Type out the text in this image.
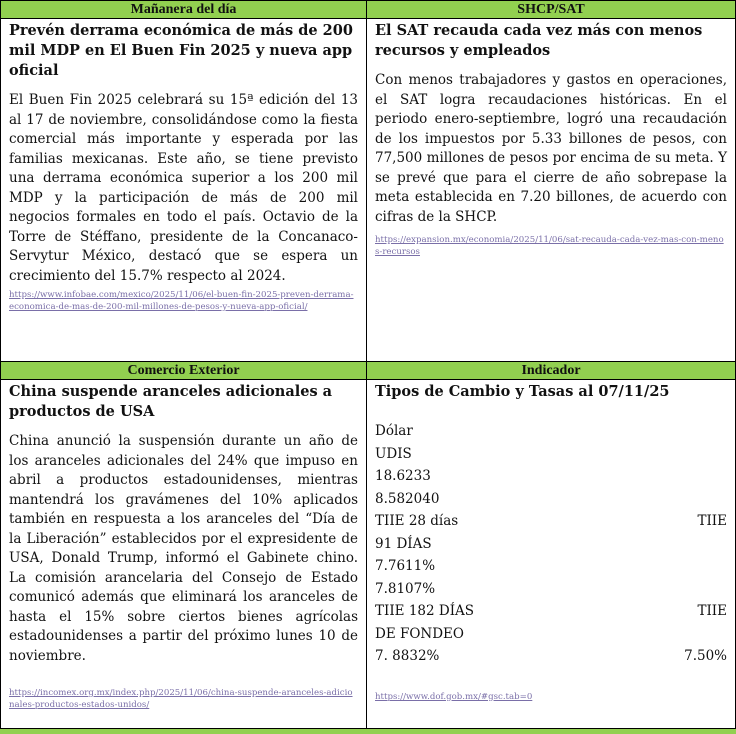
Mañanera del día	SHCP/SAT
Prevén derrama económica de más de 200 mil MDP en El Buen Fin 2025 y nueva app oficial
El Buen Fin 2025 celebrará su 15ª edición del 13 al 17 de noviembre, consolidándose como la fiesta comercial más importante y esperada por las familias mexicanas. Este año, se tiene previsto una derrama económica superior a los 200 mil MDP y la participación de más de 200 mil negocios formales en todo el país. Octavio de la Torre de Stéffano, presidente de la Concanaco-Servytur México, destacó que se espera un crecimiento del 15.7% respecto al 2024.
https://www.infobae.com/mexico/2025/11/06/el-buen-fin-2025-preven-derrama-economica-de-mas-de-200-mil-millones-de-pesos-y-nueva-app-oficial/
El SAT recauda cada vez más con menos recursos y empleados
Con menos trabajadores y gastos en operaciones, el SAT logra recaudaciones históricas. En el periodo enero-septiembre, logró una recaudación de los impuestos por 5.33 billones de pesos, con 77,500 millones de pesos por encima de su meta. Y se prevé que para el cierre de año sobrepase la meta establecida en 7.20 billones, de acuerdo con cifras de la SHCP.
https://expansion.mx/economia/2025/11/06/sat-recauda-cada-vez-mas-con-menos-recursos
Comercio Exterior	Indicador
China suspende aranceles adicionales a productos de USA
China anunció la suspensión durante un año de los aranceles adicionales del 24% que impuso en abril a productos estadounidenses, mientras mantendrá los gravámenes del 10% aplicados también en respuesta a los aranceles del “Día de la Liberación” establecidos por el expresidente de USA, Donald Trump, informó el Gabinete chino. La comisión arancelaria del Consejo de Estado comunicó además que eliminará los aranceles de hasta el 15% sobre ciertos bienes agrícolas estadounidenses a partir del próximo lunes 10 de noviembre.
https://incomex.org.mx/index.php/2025/11/06/china-suspende-aranceles-adicionales-productos-estados-unidos/
Tipos de Cambio y Tasas al 07/11/25
Dólar
UDIS
18.6233
8.582040
TIIE 28 días	TIIE
91 DÍAS
7.7611%
7.8107%
TIIE 182 DÍAS	TIIE
DE FONDEO
7. 8832%	7.50%
https://www.dof.gob.mx/#gsc.tab=0
